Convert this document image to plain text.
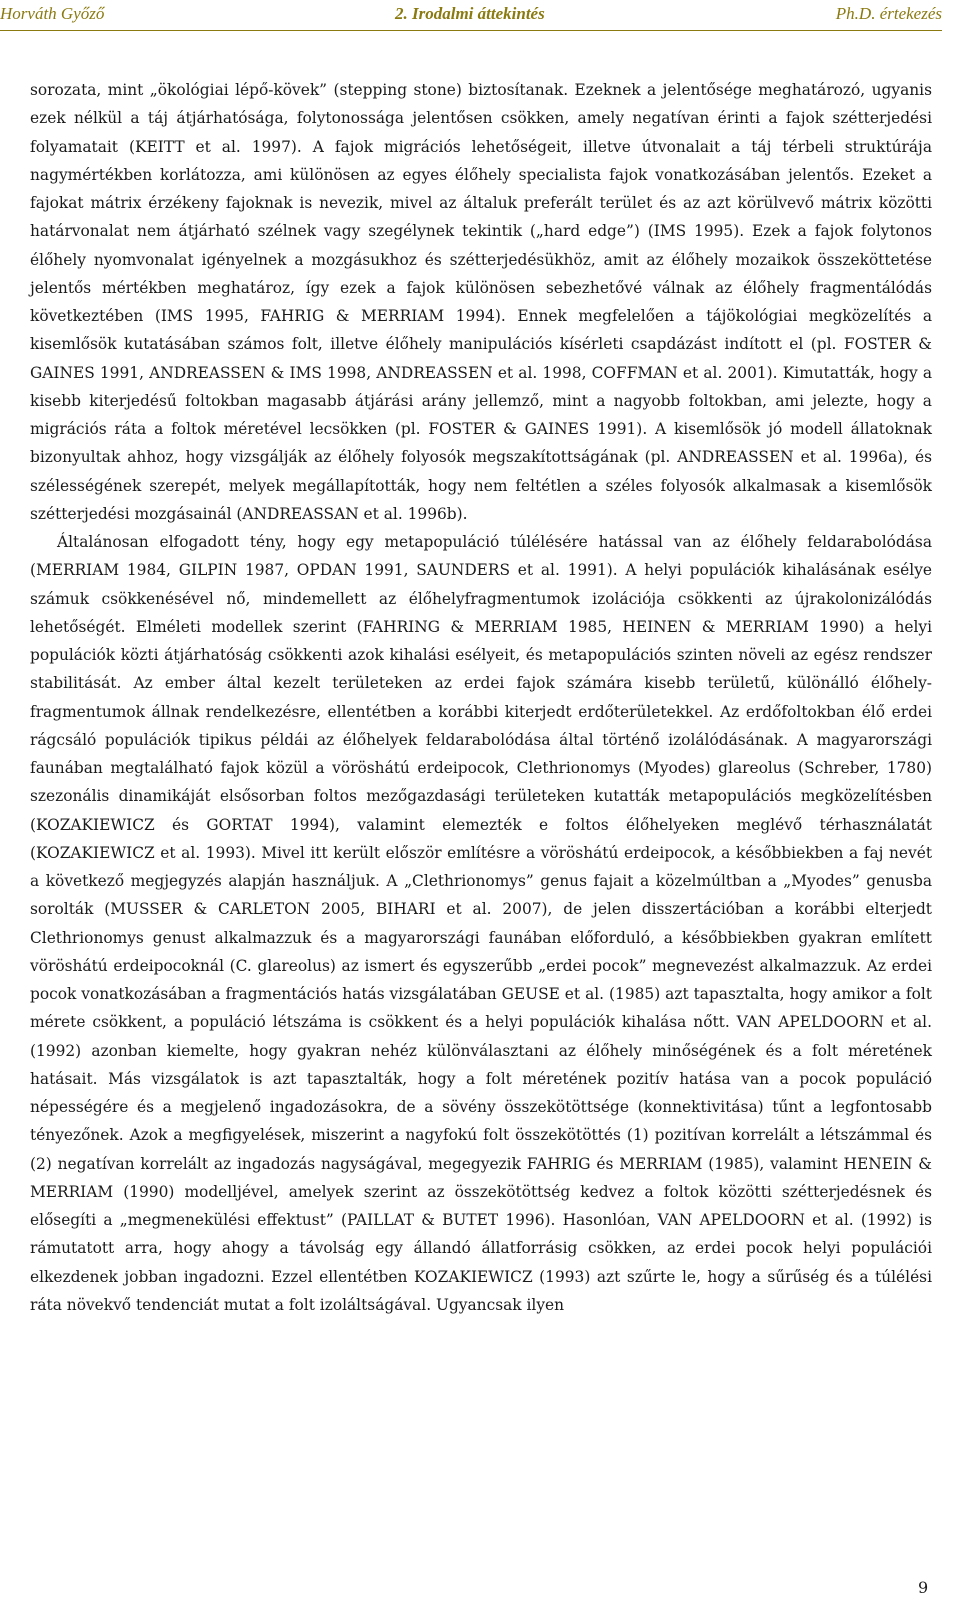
Horváth Győző	2. Irodalmi áttekintés	Ph.D. értekezés

sorozata, mint „ökológiai lépő-kövek” (stepping stone) biztosítanak. Ezeknek a jelentősége meghatározó, ugyanis ezek nélkül a táj átjárhatósága, folytonossága jelentősen csökken, amely negatívan érinti a fajok szétterjedési folyamatait (KEITT et al. 1997). A fajok migrációs lehetőségeit, illetve útvonalait a táj térbeli struktúrája nagymértékben korlátozza, ami különösen az egyes élőhely specialista fajok vonatkozásában jelentős. Ezeket a fajokat mátrix érzékeny fajoknak is nevezik, mivel az általuk preferált terület és az azt körülvevő mátrix közötti határvonalat nem átjárható szélnek vagy szegélynek tekintik („hard edge”) (IMS 1995). Ezek a fajok folytonos élőhely nyomvonalat igényelnek a mozgásukhoz és szétterjedésükhöz, amit az élőhely mozaikok összeköttetése jelentős mértékben meghatároz, így ezek a fajok különösen sebezhetővé válnak az élőhely fragmentálódás következtében (IMS 1995, FAHRIG & MERRIAM 1994). Ennek megfelelően a tájökológiai megközelítés a kisemlősök kutatásában számos folt, illetve élőhely manipulációs kísérleti csapdázást indított el (pl. FOSTER & GAINES 1991, ANDREASSEN & IMS 1998, ANDREASSEN et al. 1998, COFFMAN et al. 2001). Kimutatták, hogy a kisebb kiterjedésű foltokban magasabb átjárási arány jellemző, mint a nagyobb foltokban, ami jelezte, hogy a migrációs ráta a foltok méretével lecsökken (pl. FOSTER & GAINES 1991). A kisemlősök jó modell állatoknak bizonyultak ahhoz, hogy vizsgálják az élőhely folyosók megszakítottságának (pl. ANDREASSEN et al. 1996a), és szélességének szerepét, melyek megállapították, hogy nem feltétlen a széles folyosók alkalmasak a kisemlősök szétterjedési mozgásainál (ANDREASSAN et al. 1996b).

Általánosan elfogadott tény, hogy egy metapopuláció túlélésére hatással van az élőhely feldarabolódása (MERRIAM 1984, GILPIN 1987, OPDAN 1991, SAUNDERS et al. 1991). A helyi populációk kihalásának esélye számuk csökkenésével nő, mindemellett az élőhelyfragmentumok izolációja csökkenti az újrakolonizálódás lehetőségét. Elméleti modellek szerint (FAHRING & MERRIAM 1985, HEINEN & MERRIAM 1990) a helyi populációk közti átjárhatóság csökkenti azok kihalási esélyeit, és metapopulációs szinten növeli az egész rendszer stabilitását. Az ember által kezelt területeken az erdei fajok számára kisebb területű, különálló élőhely-fragmentumok állnak rendelkezésre, ellentétben a korábbi kiterjedt erdőterületekkel. Az erdőfoltokban élő erdei rágcsáló populációk tipikus példái az élőhelyek feldarabolódása által történő izolálódásának. A magyarországi faunában megtalálható fajok közül a vöröshátú erdeipocok, Clethrionomys (Myodes) glareolus (Schreber, 1780) szezonális dinamikáját elsősorban foltos mezőgazdasági területeken kutatták metapopulációs megközelítésben (KOZAKIEWICZ és GORTAT 1994), valamint elemezték e foltos élőhelyeken meglévő térhasználatát (KOZAKIEWICZ et al. 1993). Mivel itt került először említésre a vöröshátú erdeipocok, a későbbiekben a faj nevét a következő megjegyzés alapján használjuk. A „Clethrionomys” genus fajait a közelmúltban a „Myodes” genusba sorolták (MUSSER & CARLETON 2005, BIHARI et al. 2007), de jelen disszertációban a korábbi elterjedt Clethrionomys genust alkalmazzuk és a magyarországi faunában előforduló, a későbbiekben gyakran említett vöröshátú erdeipocoknál (C. glareolus) az ismert és egyszerűbb „erdei pocok” megnevezést alkalmazzuk. Az erdei pocok vonatkozásában a fragmentációs hatás vizsgálatában GEUSE et al. (1985) azt tapasztalta, hogy amikor a folt mérete csökkent, a populáció létszáma is csökkent és a helyi populációk kihalása nőtt. VAN APELDOORN et al. (1992) azonban kiemelte, hogy gyakran nehéz különválasztani az élőhely minőségének és a folt méretének hatásait. Más vizsgálatok is azt tapasztalták, hogy a folt méretének pozitív hatása van a pocok populáció népességére és a megjelenő ingadozásokra, de a sövény összekötöttsége (konnektivitása) tűnt a legfontosabb tényezőnek. Azok a megfigyelések, miszerint a nagyfokú folt összekötöttés (1) pozitívan korrelált a létszámmal és (2) negatívan korrelált az ingadozás nagyságával, megegyezik FAHRIG és MERRIAM (1985), valamint HENEIN & MERRIAM (1990) modelljével, amelyek szerint az összekötöttség kedvez a foltok közötti szétterjedésnek és elősegíti a „megmenekülési effektust” (PAILLAT & BUTET 1996). Hasonlóan, VAN APELDOORN et al. (1992) is rámutatott arra, hogy ahogy a távolság egy állandó állatforrásig csökken, az erdei pocok helyi populációi elkezdenek jobban ingadozni. Ezzel ellentétben KOZAKIEWICZ (1993) azt szűrte le, hogy a sűrűség és a túlélési ráta növekvő tendenciát mutat a folt izoláltságával. Ugyancsak ilyen

9
